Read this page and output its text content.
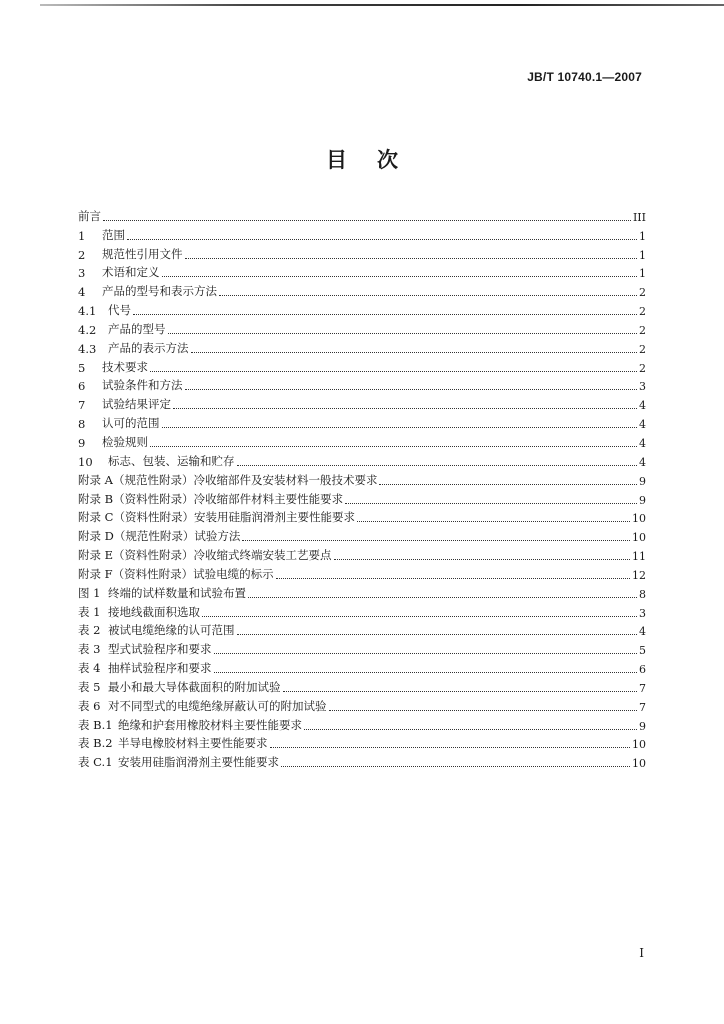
JB/T 10740.1—2007
目次
前言	III
1	范围	1
2	规范性引用文件	1
3	术语和定义	1
4	产品的型号和表示方法	2
4.1	代号	2
4.2	产品的型号	2
4.3	产品的表示方法	2
5	技术要求	2
6	试验条件和方法	3
7	试验结果评定	4
8	认可的范围	4
9	检验规则	4
10	标志、包装、运输和贮存	4
附录 A（规范性附录）冷收缩部件及安装材料一般技术要求	9
附录 B（资料性附录）冷收缩部件材料主要性能要求	9
附录 C（资料性附录）安装用硅脂润滑剂主要性能要求	10
附录 D（规范性附录）试验方法	10
附录 E（资料性附录）冷收缩式终端安装工艺要点	11
附录 F（资料性附录）试验电缆的标示	12
图 1 终端的试样数量和试验布置	8
表 1 接地线截面积选取	3
表 2 被试电缆绝缘的认可范围	4
表 3 型式试验程序和要求	5
表 4 抽样试验程序和要求	6
表 5 最小和最大导体截面积的附加试验	7
表 6 对不同型式的电缆绝缘屏蔽认可的附加试验	7
表 B.1 绝缘和护套用橡胶材料主要性能要求	9
表 B.2 半导电橡胶材料主要性能要求	10
表 C.1 安装用硅脂润滑剂主要性能要求	10
I
